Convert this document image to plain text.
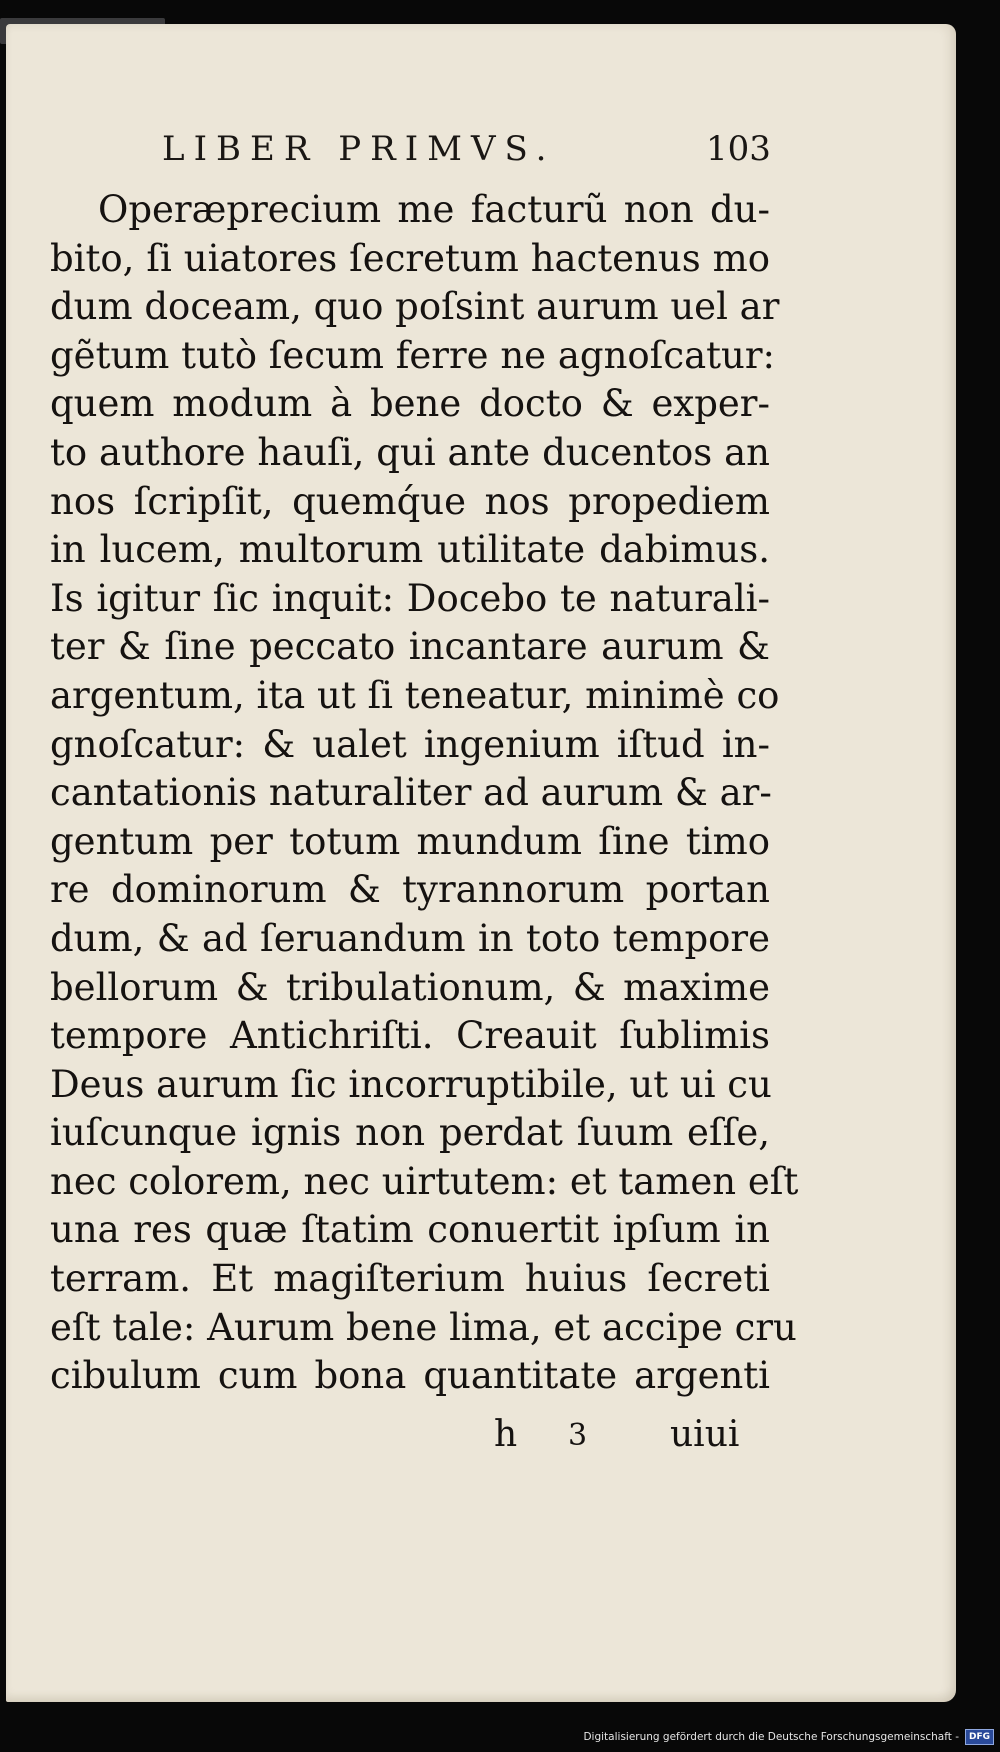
LIBER PRIMVS.	103
Operæprecium me facturũ non du-
bito, ſi uiatores ſecretum hactenus mo
dum doceam, quo poſsint aurum uel ar
gẽtum tutò ſecum ferre ne agnoſcatur:
quem modum à bene docto & exper-
to authore hauſi, qui ante ducentos an
nos ſcripſit, quemq́ue nos propediem
in lucem, multorum utilitate dabimus.
Is igitur ſic inquit: Docebo te naturali-
ter & ſine peccato incantare aurum &
argentum, ita ut ſi teneatur, minimè co
gnoſcatur: & ualet ingenium iſtud in-
cantationis naturaliter ad aurum & ar-
gentum per totum mundum ſine timo
re dominorum & tyrannorum portan
dum, & ad ſeruandum in toto tempore
bellorum & tribulationum, & maxime
tempore Antichriſti. Creauit ſublimis
Deus aurum ſic incorruptibile, ut ui cu
iuſcunque ignis non perdat ſuum eſſe,
nec colorem, nec uirtutem: et tamen eſt
una res quæ ſtatim conuertit ipſum in
terram. Et magiſterium huius ſecreti
eſt tale: Aurum bene lima, et accipe cru
cibulum cum bona quantitate argenti
h 3 uiui
Digitalisierung gefördert durch die Deutsche Forschungsgemeinschaft -	DFG
